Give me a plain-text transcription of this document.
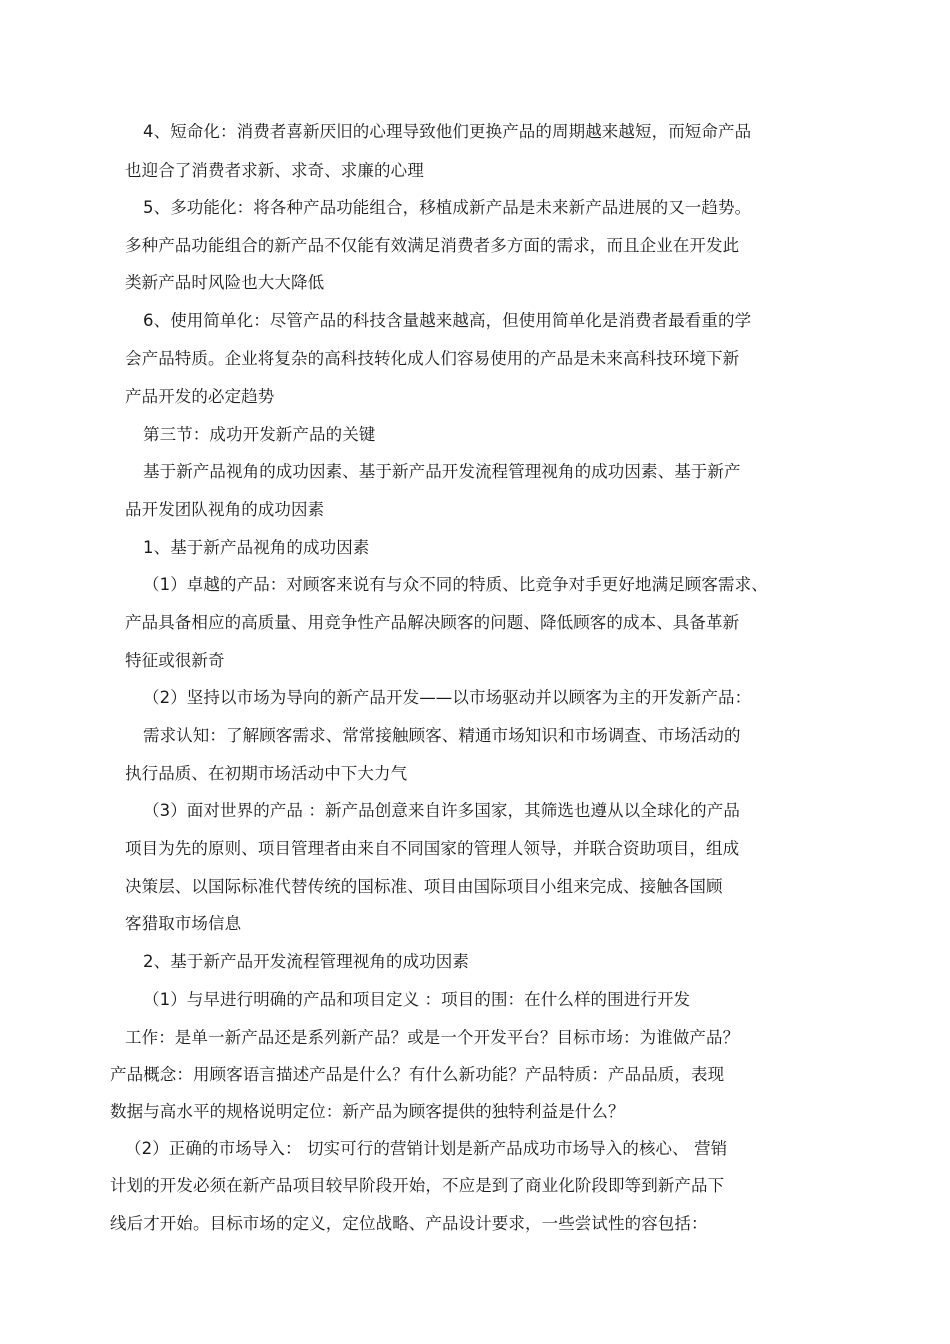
4、短命化：消费者喜新厌旧的心理导致他们更换产品的周期越来越短，而短命产品
也迎合了消费者求新、求奇、求廉的心理
5、多功能化：将各种产品功能组合，移植成新产品是未来新产品进展的又一趋势。
多种产品功能组合的新产品不仅能有效满足消费者多方面的需求，而且企业在开发此
类新产品时风险也大大降低
6、使用简单化：尽管产品的科技含量越来越高，但使用简单化是消费者最看重的学
会产品特质。企业将复杂的高科技转化成人们容易使用的产品是未来高科技环境下新
产品开发的必定趋势
第三节：成功开发新产品的关键
基于新产品视角的成功因素、基于新产品开发流程管理视角的成功因素、基于新产
品开发团队视角的成功因素
1、基于新产品视角的成功因素
（1）卓越的产品：对顾客来说有与众不同的特质、比竞争对手更好地满足顾客需求、
产品具备相应的高质量、用竞争性产品解决顾客的问题、降低顾客的成本、具备革新
特征或很新奇
（2）坚持以市场为导向的新产品开发——以市场驱动并以顾客为主的开发新产品：
需求认知：了解顾客需求、常常接触顾客、精通市场知识和市场调查、市场活动的
执行品质、在初期市场活动中下大力气
（3）面对世界的产品 ：新产品创意来自许多国家，其筛选也遵从以全球化的产品
项目为先的原则、项目管理者由来自不同国家的管理人领导，并联合资助项目，组成
决策层、以国际标准代替传统的国标准、项目由国际项目小组来完成、接触各国顾
客猎取市场信息
2、基于新产品开发流程管理视角的成功因素
（1）与早进行明确的产品和项目定义 ：项目的围：在什么样的围进行开发
工作：是单一新产品还是系列新产品？或是一个开发平台？目标市场：为谁做产品？
产品概念：用顾客语言描述产品是什么？有什么新功能？产品特质：产品品质，表现
数据与高水平的规格说明定位：新产品为顾客提供的独特利益是什么？
（2）正确的市场导入： 切实可行的营销计划是新产品成功市场导入的核心、 营销
计划的开发必须在新产品项目较早阶段开始，不应是到了商业化阶段即等到新产品下
线后才开始。目标市场的定义，定位战略、产品设计要求，一些尝试性的容包括：
